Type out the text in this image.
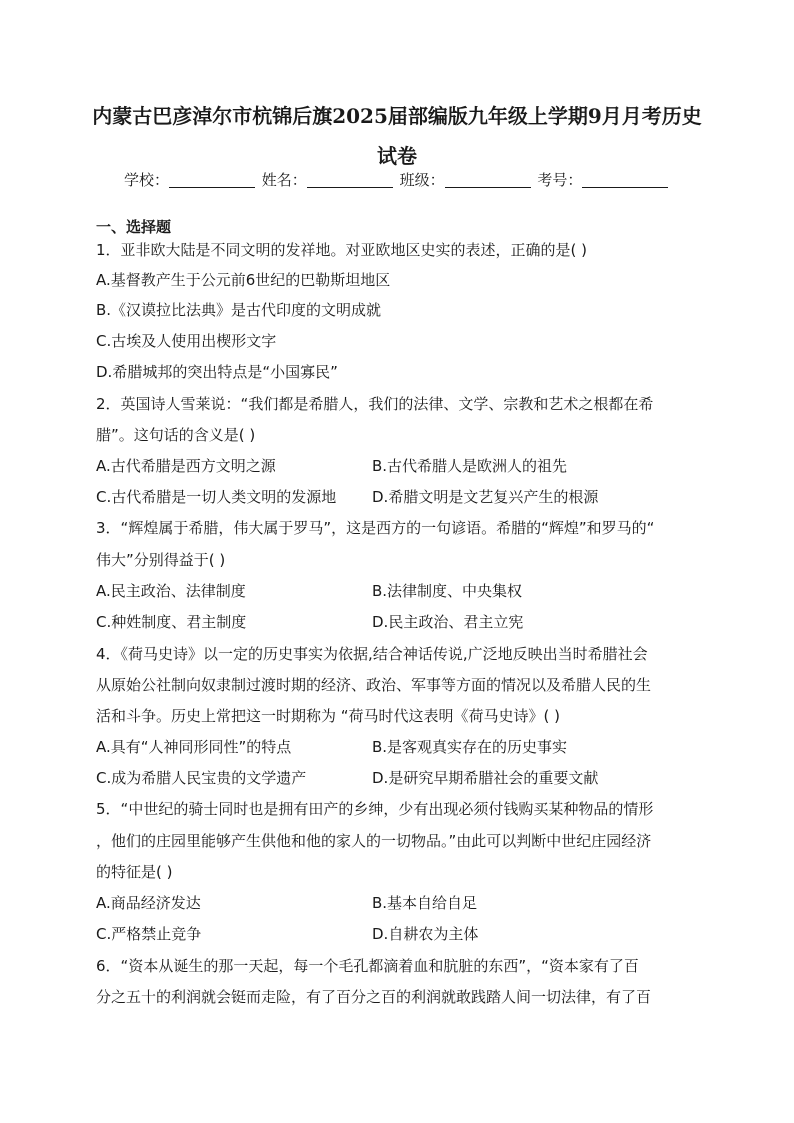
内蒙古巴彦淖尔市杭锦后旗2025届部编版九年级上学期9月月考历史
试卷
学校：	姓名：	班级：	考号：
一、选择题
1．亚非欧大陆是不同文明的发祥地。对亚欧地区史实的表述，正确的是( )
A.基督教产生于公元前6世纪的巴勒斯坦地区
B.《汉谟拉比法典》是古代印度的文明成就
C.古埃及人使用出楔形文字
D.希腊城邦的突出特点是“小国寡民”
2．英国诗人雪莱说：“我们都是希腊人，我们的法律、文学、宗教和艺术之根都在希
腊”。这句话的含义是( )
A.古代希腊是西方文明之源	B.古代希腊人是欧洲人的祖先
C.古代希腊是一切人类文明的发源地 D.希腊文明是文艺复兴产生的根源
3．“辉煌属于希腊，伟大属于罗马”，这是西方的一句谚语。希腊的“辉煌”和罗马的“
伟大”分别得益于( )
A.民主政治、法律制度	B.法律制度、中央集权
C.种姓制度、君主制度	D.民主政治、君主立宪
4．《荷马史诗》以一定的历史事实为依据,结合神话传说,广泛地反映出当时希腊社会
从原始公社制向奴隶制过渡时期的经济、政治、军事等方面的情况以及希腊人民的生
活和斗争。历史上常把这一时期称为 “荷马时代这表明《荷马史诗》( )
A.具有“人神同形同性”的特点	B.是客观真实存在的历史事实
C.成为希腊人民宝贵的文学遗产	D.是研究早期希腊社会的重要文献
5．“中世纪的骑士同时也是拥有田产的乡绅，少有出现必须付钱购买某种物品的情形
，他们的庄园里能够产生供他和他的家人的一切物品。”由此可以判断中世纪庄园经济
的特征是( )
A.商品经济发达	B.基本自给自足
C.严格禁止竞争	D.自耕农为主体
6．“资本从诞生的那一天起，每一个毛孔都滴着血和肮脏的东西”，“资本家有了百
分之五十的利润就会铤而走险，有了百分之百的利润就敢践踏人间一切法律，有了百
